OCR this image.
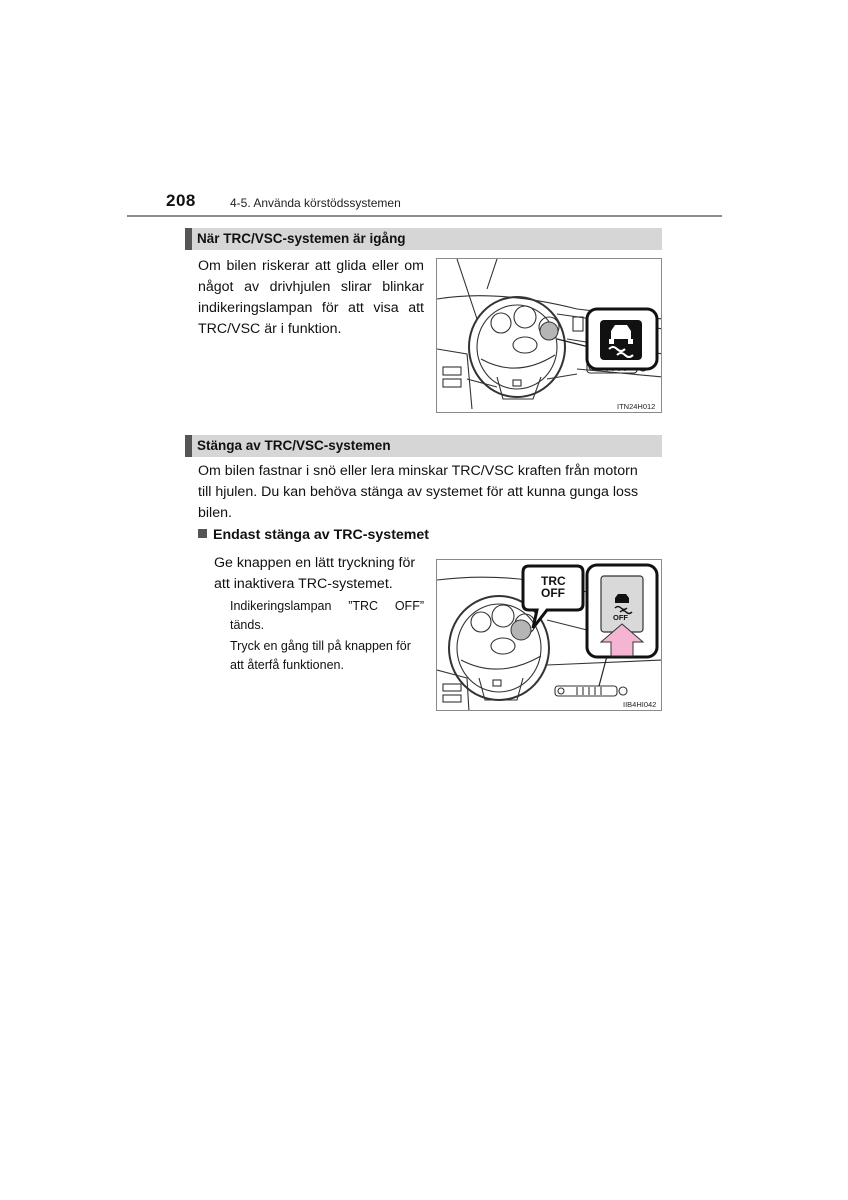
208	4-5. Använda körstödssystemen
När TRC/VSC-systemen är igång
Om bilen riskerar att glida eller om
något av drivhjulen slirar blinkar
indikeringslampan för att visa att
TRC/VSC är i funktion.
ITN24H012
Stänga av TRC/VSC-systemen
Om bilen fastnar i snö eller lera minskar TRC/VSC kraften från motorn
till hjulen. Du kan behöva stänga av systemet för att kunna gunga loss
bilen.
Endast stänga av TRC-systemet
Ge knappen en lätt tryckning för
att inaktivera TRC-systemet.
Indikeringslampan ”TRC OFF”
tänds.
Tryck en gång till på knappen för
att återfå funktionen.
TRC
OFF
OFF
IIB4HI042
